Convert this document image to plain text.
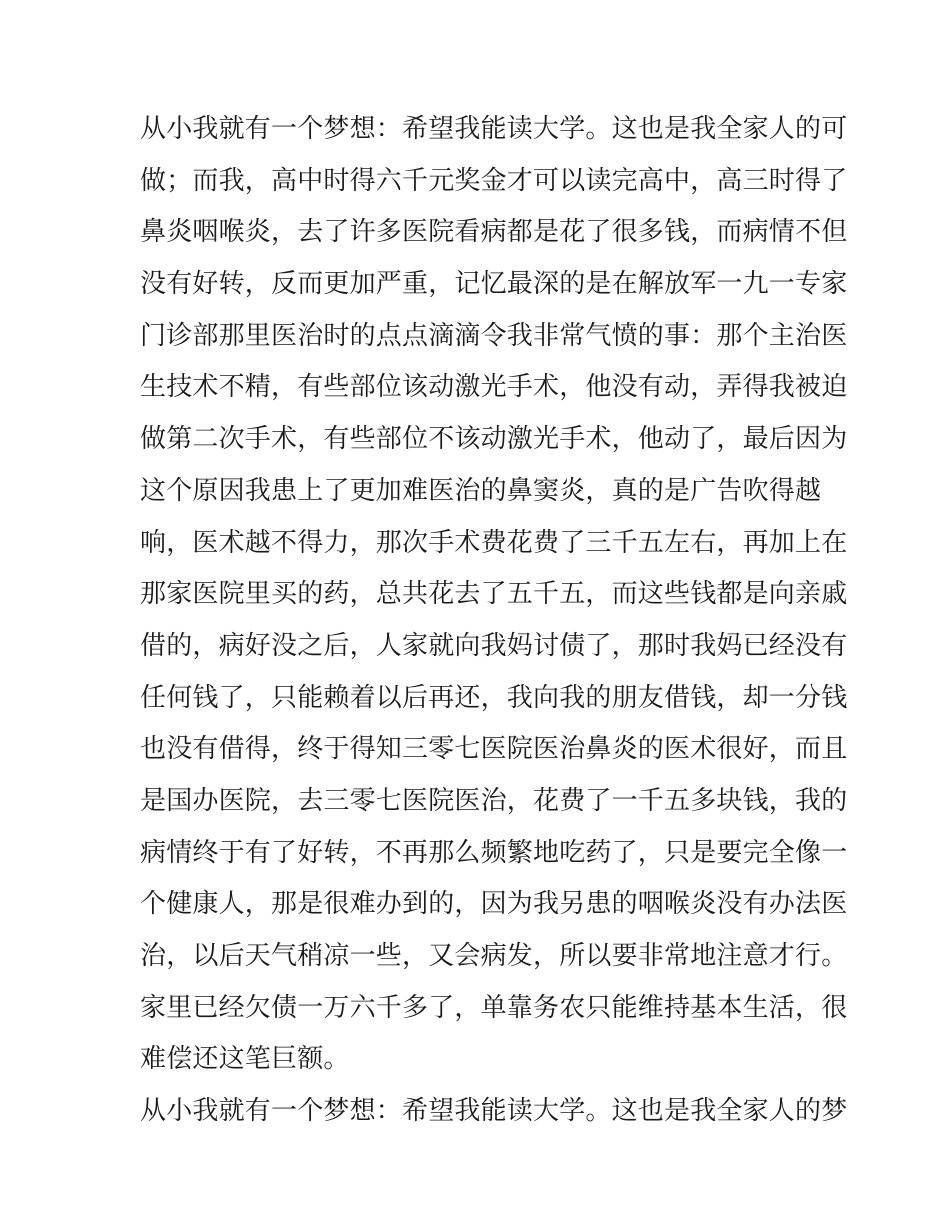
从小我就有一个梦想：希望我能读大学。这也是我全家人的可
做；而我，高中时得六千元奖金才可以读完高中，高三时得了
鼻炎咽喉炎，去了许多医院看病都是花了很多钱，而病情不但
没有好转，反而更加严重，记忆最深的是在解放军一九一专家
门诊部那里医治时的点点滴滴令我非常气愤的事：那个主治医
生技术不精，有些部位该动激光手术，他没有动，弄得我被迫
做第二次手术，有些部位不该动激光手术，他动了，最后因为
这个原因我患上了更加难医治的鼻窦炎，真的是广告吹得越
响，医术越不得力，那次手术费花费了三千五左右，再加上在
那家医院里买的药，总共花去了五千五，而这些钱都是向亲戚
借的，病好没之后，人家就向我妈讨债了，那时我妈已经没有
任何钱了，只能赖着以后再还，我向我的朋友借钱，却一分钱
也没有借得，终于得知三零七医院医治鼻炎的医术很好，而且
是国办医院，去三零七医院医治，花费了一千五多块钱，我的
病情终于有了好转，不再那么频繁地吃药了，只是要完全像一
个健康人，那是很难办到的，因为我另患的咽喉炎没有办法医
治，以后天气稍凉一些，又会病发，所以要非常地注意才行。
家里已经欠债一万六千多了，单靠务农只能维持基本生活，很
难偿还这笔巨额。
从小我就有一个梦想：希望我能读大学。这也是我全家人的梦
